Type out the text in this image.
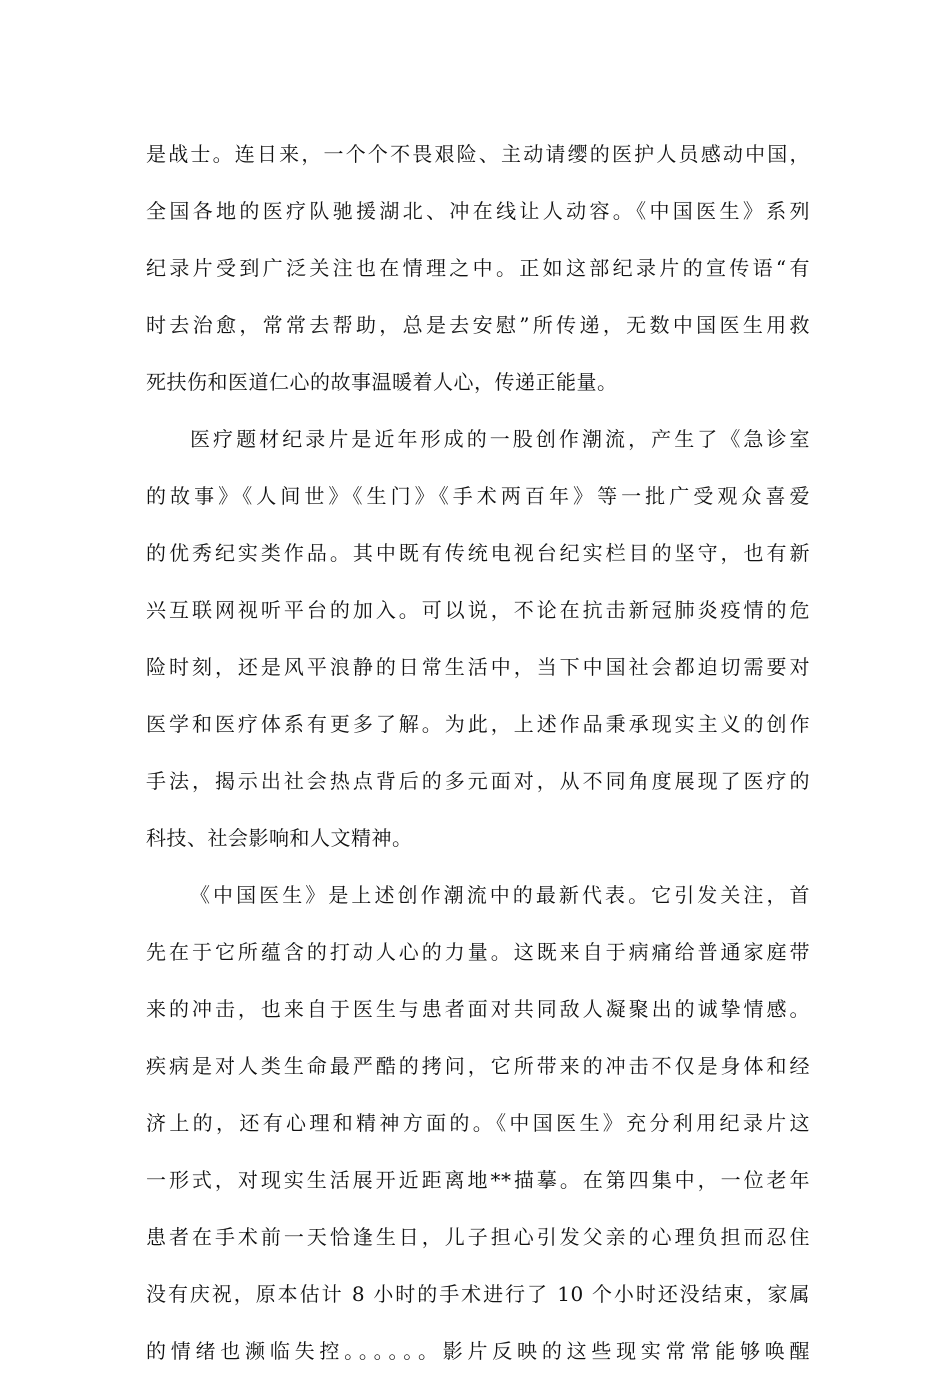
是战士。连日来，一个个不畏艰险、主动请缨的医护人员感动中国，
全国各地的医疗队驰援湖北、冲在线让人动容。《中国医生》系列
纪录片受到广泛关注也在情理之中。正如这部纪录片的宣传语“有
时去治愈，常常去帮助，总是去安慰”所传递，无数中国医生用救
死扶伤和医道仁心的故事温暖着人心，传递正能量。
医疗题材纪录片是近年形成的一股创作潮流，产生了《急诊室
的故事》《人间世》《生门》《手术两百年》等一批广受观众喜爱
的优秀纪实类作品。其中既有传统电视台纪实栏目的坚守，也有新
兴互联网视听平台的加入。可以说，不论在抗击新冠肺炎疫情的危
险时刻，还是风平浪静的日常生活中，当下中国社会都迫切需要对
医学和医疗体系有更多了解。为此，上述作品秉承现实主义的创作
手法，揭示出社会热点背后的多元面对，从不同角度展现了医疗的
科技、社会影响和人文精神。
《中国医生》是上述创作潮流中的最新代表。它引发关注，首
先在于它所蕴含的打动人心的力量。这既来自于病痛给普通家庭带
来的冲击，也来自于医生与患者面对共同敌人凝聚出的诚挚情感。
疾病是对人类生命最严酷的拷问，它所带来的冲击不仅是身体和经
济上的，还有心理和精神方面的。《中国医生》充分利用纪录片这
一形式，对现实生活展开近距离地**描摹。在第四集中，一位老年
患者在手术前一天恰逢生日，儿子担心引发父亲的心理负担而忍住
没有庆祝，原本估计 8 小时的手术进行了 10 个小时还没结束，家属
的情绪也濒临失控。。。。。。影片反映的这些现实常常能够唤醒
